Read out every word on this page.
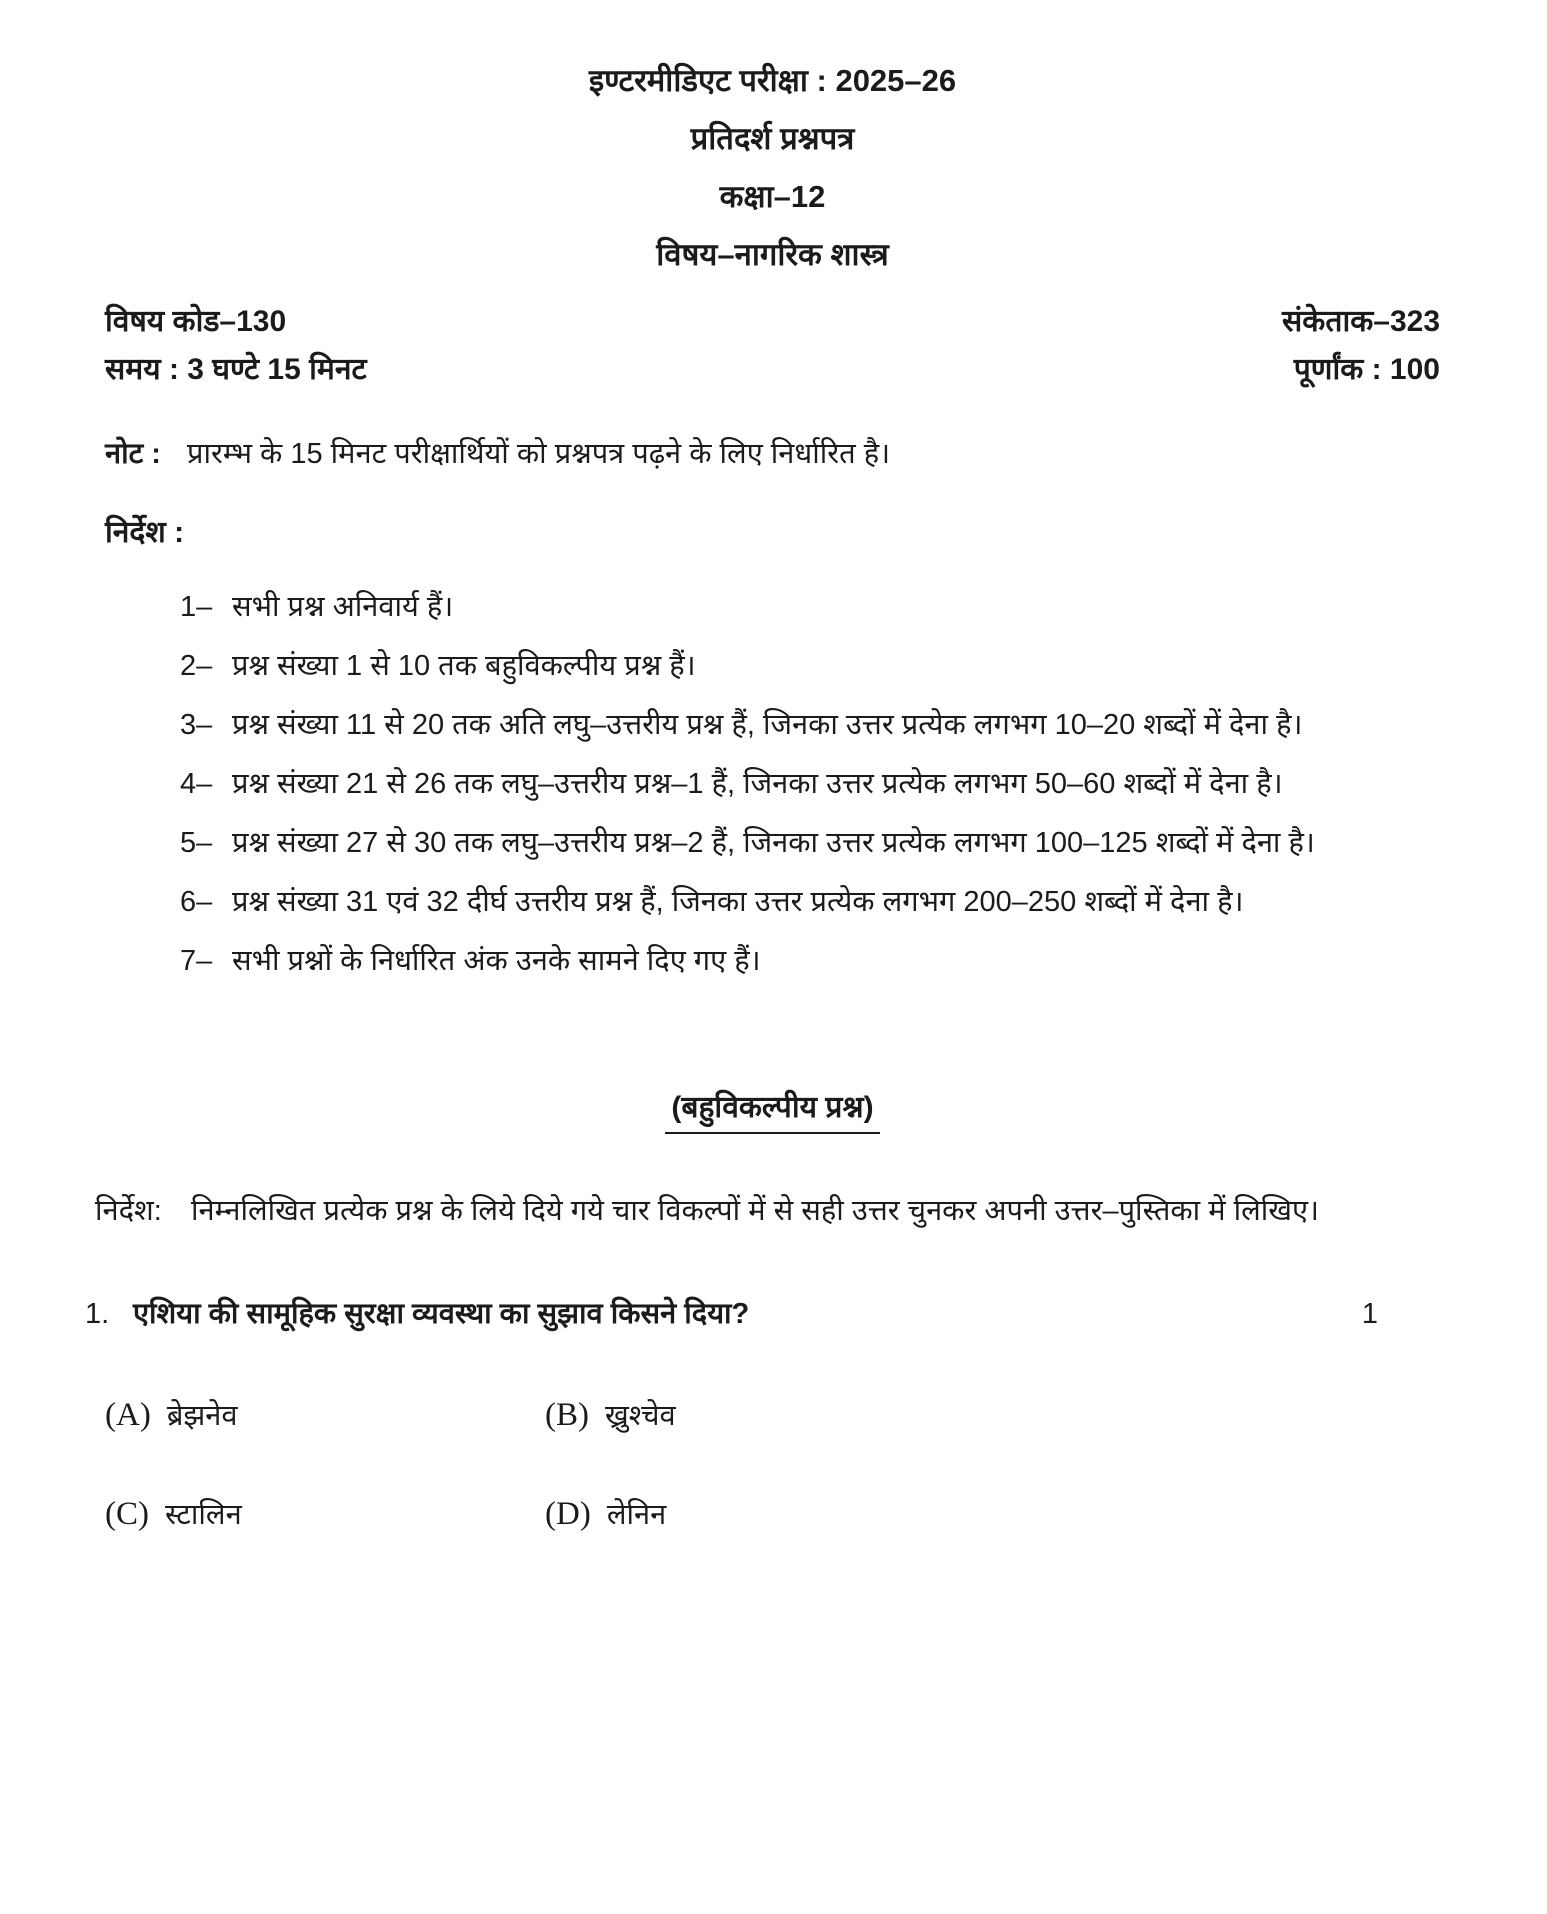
इण्टरमीडिएट परीक्षा : 2025–26
प्रतिदर्श प्रश्नपत्र
कक्षा–12
विषय–नागरिक शास्त्र
विषय कोड–130	संकेताक–323
समय : 3 घण्टे 15 मिनट	पूर्णांक : 100
नोट : प्रारम्भ के 15 मिनट परीक्षार्थियों को प्रश्नपत्र पढ़ने के लिए निर्धारित है।
निर्देश :
1– सभी प्रश्न अनिवार्य हैं।
2– प्रश्न संख्या 1 से 10 तक बहुविकल्पीय प्रश्न हैं।
3– प्रश्न संख्या 11 से 20 तक अति लघु–उत्तरीय प्रश्न हैं, जिनका उत्तर प्रत्येक लगभग 10–20 शब्दों में देना है।
4– प्रश्न संख्या 21 से 26 तक लघु–उत्तरीय प्रश्न–1 हैं, जिनका उत्तर प्रत्येक लगभग 50–60 शब्दों में देना है।
5– प्रश्न संख्या 27 से 30 तक लघु–उत्तरीय प्रश्न–2 हैं, जिनका उत्तर प्रत्येक लगभग 100–125 शब्दों में देना है।
6– प्रश्न संख्या 31 एवं 32 दीर्घ उत्तरीय प्रश्न हैं, जिनका उत्तर प्रत्येक लगभग 200–250 शब्दों में देना है।
7– सभी प्रश्नों के निर्धारित अंक उनके सामने दिए गए हैं।
(बहुविकल्पीय प्रश्न)
निर्देश: निम्नलिखित प्रत्येक प्रश्न के लिये दिये गये चार विकल्पों में से सही उत्तर चुनकर अपनी उत्तर–पुस्तिका में लिखिए।
1. एशिया की सामूहिक सुरक्षा व्यवस्था का सुझाव किसने दिया?	1
(A) ब्रेझनेव	(B) ख्रुश्चेव
(C) स्टालिन	(D) लेनिन
